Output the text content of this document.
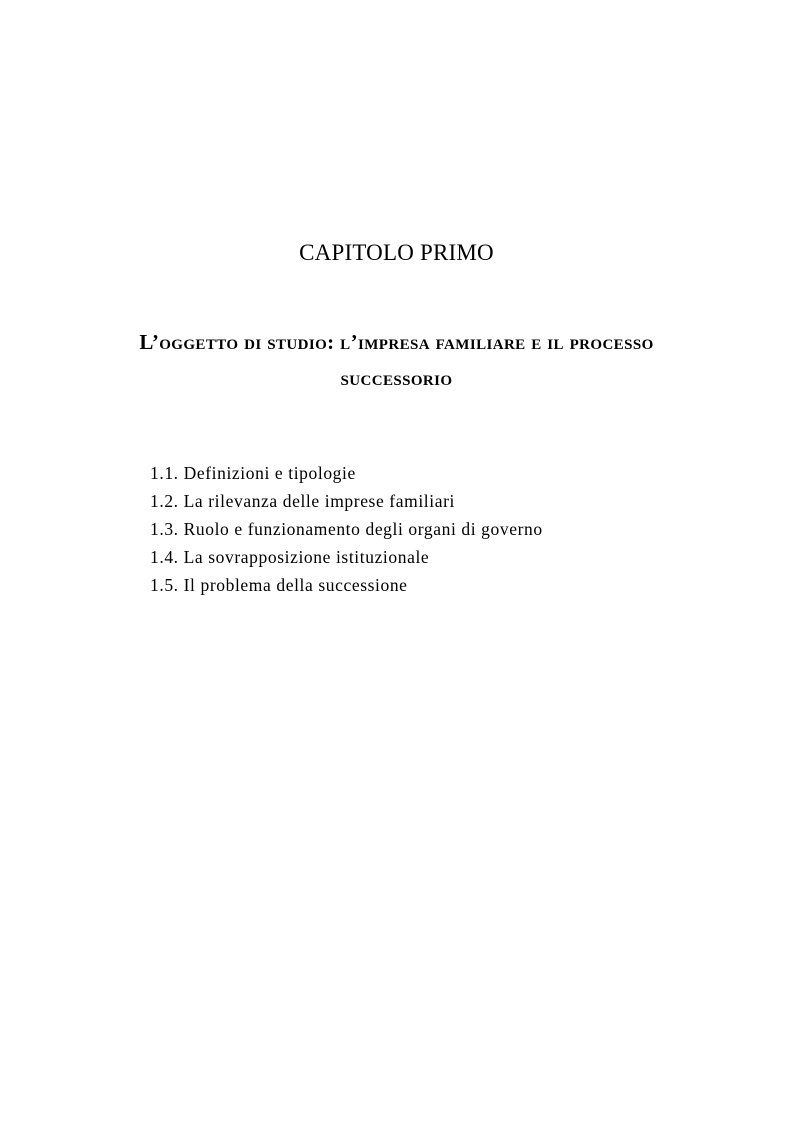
CAPITOLO PRIMO
L’oggetto di studio: l’impresa familiare e il processo successorio
1.1. Definizioni e tipologie
1.2. La rilevanza delle imprese familiari
1.3. Ruolo e funzionamento degli organi di governo
1.4. La sovrapposizione istituzionale
1.5. Il problema della successione
